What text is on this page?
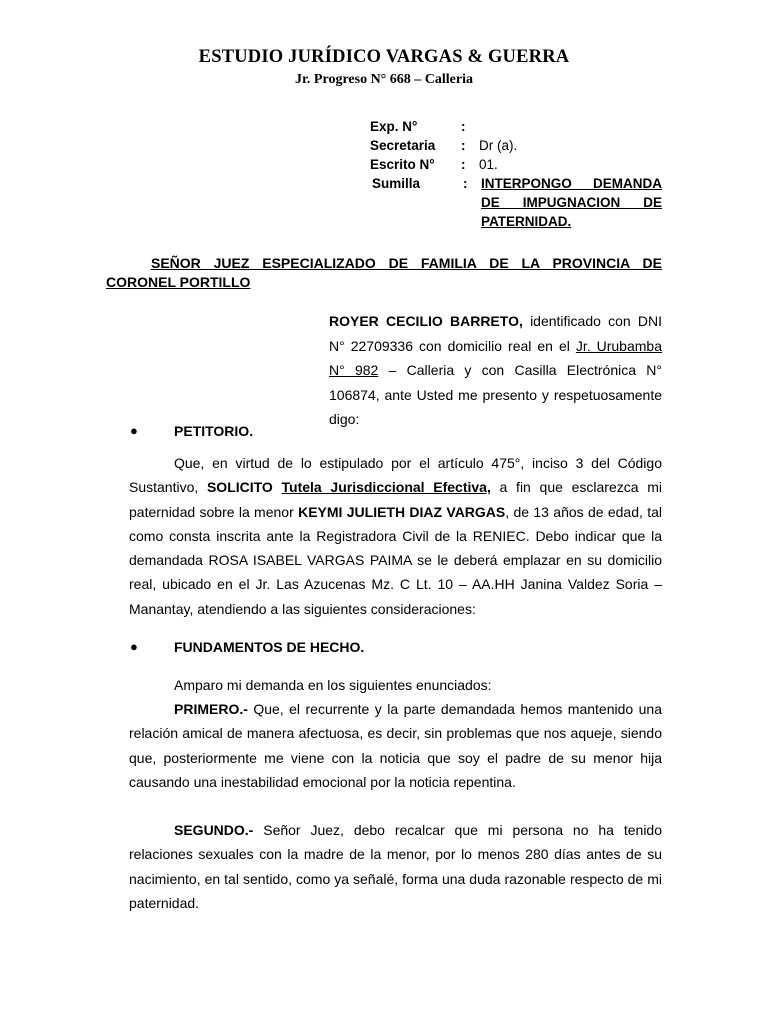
ESTUDIO JURÍDICO VARGAS & GUERRA
Jr. Progreso N° 668 – Calleria
Exp. N°	:
Secretaria	:	Dr (a).
Escrito N°	:	01.
Sumilla	:	INTERPONGO DEMANDA DE IMPUGNACION DE PATERNIDAD.
SEÑOR JUEZ ESPECIALIZADO DE FAMILIA DE LA PROVINCIA DE CORONEL PORTILLO
ROYER CECILIO BARRETO, identificado con DNI N° 22709336 con domicilio real en el Jr. Urubamba N° 982 – Calleria y con Casilla Electrónica N° 106874, ante Usted me presento y respetuosamente digo:
●	PETITORIO.
Que, en virtud de lo estipulado por el artículo 475°, inciso 3 del Código Sustantivo, SOLICITO Tutela Jurisdiccional Efectiva, a fin que esclarezca mi paternidad sobre la menor KEYMI JULIETH DIAZ VARGAS, de 13 años de edad, tal como consta inscrita ante la Registradora Civil de la RENIEC. Debo indicar que la demandada ROSA ISABEL VARGAS PAIMA se le deberá emplazar en su domicilio real, ubicado en el Jr. Las Azucenas Mz. C Lt. 10 – AA.HH Janina Valdez Soria – Manantay, atendiendo a las siguientes consideraciones:
●	FUNDAMENTOS DE HECHO.
Amparo mi demanda en los siguientes enunciados:
PRIMERO.- Que, el recurrente y la parte demandada hemos mantenido una relación amical de manera afectuosa, es decir, sin problemas que nos aqueje, siendo que, posteriormente me viene con la noticia que soy el padre de su menor hija causando una inestabilidad emocional por la noticia repentina.
SEGUNDO.- Señor Juez, debo recalcar que mi persona no ha tenido relaciones sexuales con la madre de la menor, por lo menos 280 días antes de su nacimiento, en tal sentido, como ya señalé, forma una duda razonable respecto de mi paternidad.
